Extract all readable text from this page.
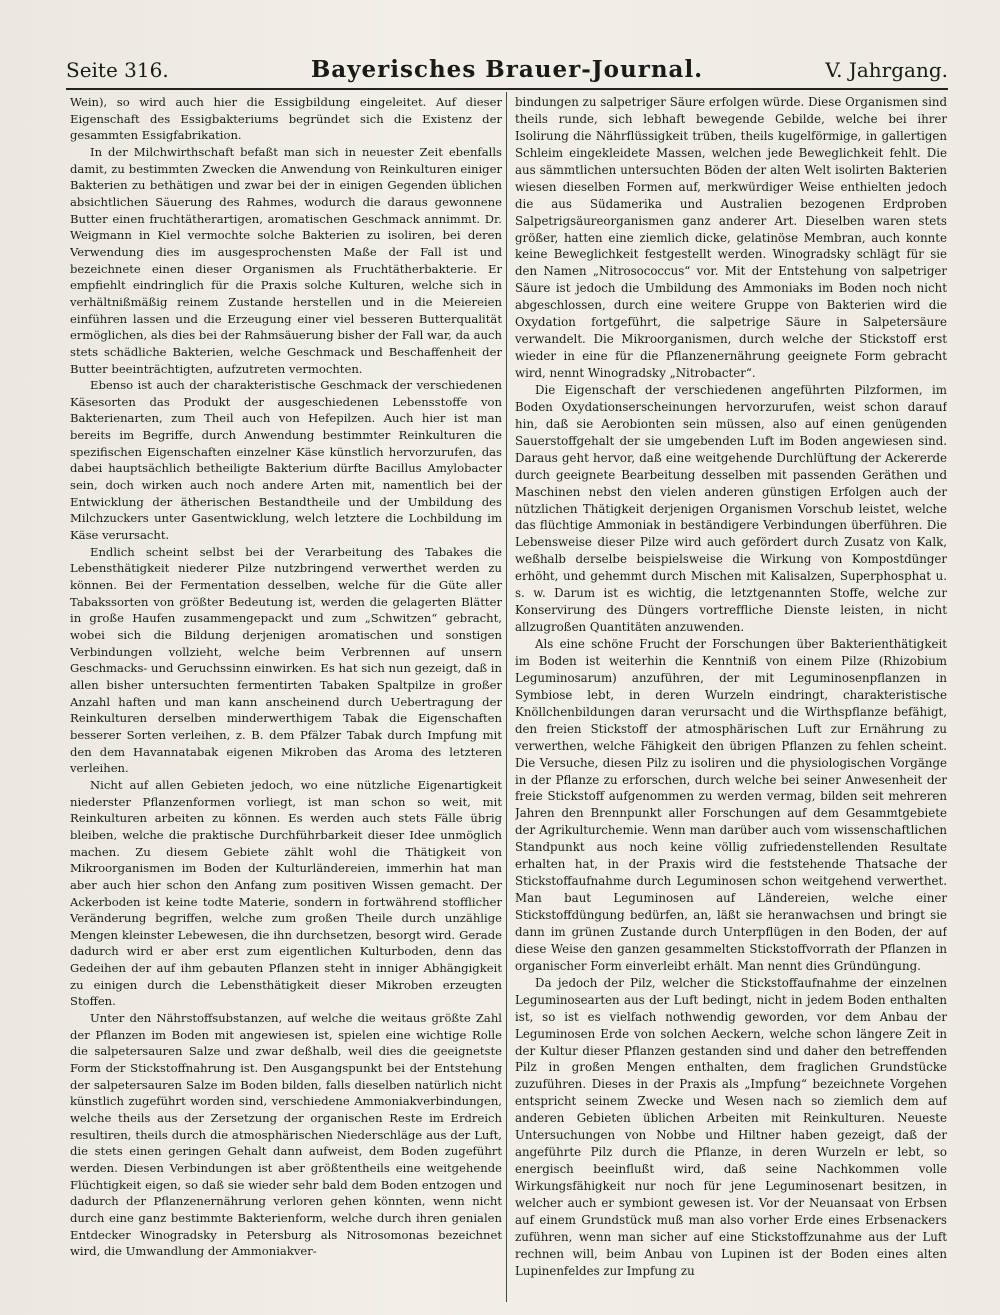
Seite 316.	Bayerisches Brauer-Journal.	V. Jahrgang.

Wein), so wird auch hier die Essigbildung eingeleitet. Auf dieser Eigenschaft des Essigbakteriums begründet sich die Existenz der gesammten Essigfabrikation.

In der Milchwirthschaft befaßt man sich in neuester Zeit ebenfalls damit, zu bestimmten Zwecken die Anwendung von Reinkulturen einiger Bakterien zu bethätigen und zwar bei der in einigen Gegenden üblichen absichtlichen Säuerung des Rahmes, wodurch die daraus gewonnene Butter einen fruchtätherartigen, aromatischen Geschmack annimmt. Dr. Weigmann in Kiel vermochte solche Bakterien zu isoliren, bei deren Verwendung dies im ausgesprochensten Maße der Fall ist und bezeichnete einen dieser Organismen als Fruchtätherbakterie. Er empfiehlt eindringlich für die Praxis solche Kulturen, welche sich in verhältnißmäßig reinem Zustande herstellen und in die Meiereien einführen lassen und die Erzeugung einer viel besseren Butterqualität ermöglichen, als dies bei der Rahmsäuerung bisher der Fall war, da auch stets schädliche Bakterien, welche Geschmack und Beschaffenheit der Butter beeinträchtigten, aufzutreten vermochten.

Ebenso ist auch der charakteristische Geschmack der verschiedenen Käsesorten das Produkt der ausgeschiedenen Lebensstoffe von Bakterienarten, zum Theil auch von Hefepilzen. Auch hier ist man bereits im Begriffe, durch Anwendung bestimmter Reinkulturen die spezifischen Eigenschaften einzelner Käse künstlich hervorzurufen, das dabei hauptsächlich betheiligte Bakterium dürfte Bacillus Amylobacter sein, doch wirken auch noch andere Arten mit, namentlich bei der Entwicklung der ätherischen Bestandtheile und der Umbildung des Milchzuckers unter Gasentwicklung, welch letztere die Lochbildung im Käse verursacht.

Endlich scheint selbst bei der Verarbeitung des Tabakes die Lebensthätigkeit niederer Pilze nutzbringend verwerthet werden zu können. Bei der Fermentation desselben, welche für die Güte aller Tabakssorten von größter Bedeutung ist, werden die gelagerten Blätter in große Haufen zusammengepackt und zum „Schwitzen“ gebracht, wobei sich die Bildung derjenigen aromatischen und sonstigen Verbindungen vollzieht, welche beim Verbrennen auf unsern Geschmacks- und Geruchssinn einwirken. Es hat sich nun gezeigt, daß in allen bisher untersuchten fermentirten Tabaken Spaltpilze in großer Anzahl haften und man kann anscheinend durch Uebertragung der Reinkulturen derselben minderwerthigem Tabak die Eigenschaften besserer Sorten verleihen, z. B. dem Pfälzer Tabak durch Impfung mit den dem Havannatabak eigenen Mikroben das Aroma des letzteren verleihen.

Nicht auf allen Gebieten jedoch, wo eine nützliche Eigenartigkeit niederster Pflanzenformen vorliegt, ist man schon so weit, mit Reinkulturen arbeiten zu können. Es werden auch stets Fälle übrig bleiben, welche die praktische Durchführbarkeit dieser Idee unmöglich machen. Zu diesem Gebiete zählt wohl die Thätigkeit von Mikroorganismen im Boden der Kulturländereien, immerhin hat man aber auch hier schon den Anfang zum positiven Wissen gemacht. Der Ackerboden ist keine todte Materie, sondern in fortwährend stofflicher Veränderung begriffen, welche zum großen Theile durch unzählige Mengen kleinster Lebewesen, die ihn durchsetzen, besorgt wird. Gerade dadurch wird er aber erst zum eigentlichen Kulturboden, denn das Gedeihen der auf ihm gebauten Pflanzen steht in inniger Abhängigkeit zu einigen durch die Lebensthätigkeit dieser Mikroben erzeugten Stoffen.

Unter den Nährstoffsubstanzen, auf welche die weitaus größte Zahl der Pflanzen im Boden mit angewiesen ist, spielen eine wichtige Rolle die salpetersauren Salze und zwar deßhalb, weil dies die geeignetste Form der Stickstoffnahrung ist. Den Ausgangspunkt bei der Entstehung der salpetersauren Salze im Boden bilden, falls dieselben natürlich nicht künstlich zugeführt worden sind, verschiedene Ammoniakverbindungen, welche theils aus der Zersetzung der organischen Reste im Erdreich resultiren, theils durch die atmosphärischen Niederschläge aus der Luft, die stets einen geringen Gehalt dann aufweist, dem Boden zugeführt werden. Diesen Verbindungen ist aber größtentheils eine weitgehende Flüchtigkeit eigen, so daß sie wieder sehr bald dem Boden entzogen und dadurch der Pflanzenernährung verloren gehen könnten, wenn nicht durch eine ganz bestimmte Bakterienform, welche durch ihren genialen Entdecker Winogradsky in Petersburg als Nitrosomonas bezeichnet wird, die Umwandlung der Ammoniakver-

bindungen zu salpetriger Säure erfolgen würde. Diese Organismen sind theils runde, sich lebhaft bewegende Gebilde, welche bei ihrer Isolirung die Nährflüssigkeit trüben, theils kugelförmige, in gallertigen Schleim eingekleidete Massen, welchen jede Beweglichkeit fehlt. Die aus sämmtlichen untersuchten Böden der alten Welt isolirten Bakterien wiesen dieselben Formen auf, merkwürdiger Weise enthielten jedoch die aus Südamerika und Australien bezogenen Erdproben Salpetrigsäureorganismen ganz anderer Art. Dieselben waren stets größer, hatten eine ziemlich dicke, gelatinöse Membran, auch konnte keine Beweglichkeit festgestellt werden. Winogradsky schlägt für sie den Namen „Nitrosococcus“ vor. Mit der Entstehung von salpetriger Säure ist jedoch die Umbildung des Ammoniaks im Boden noch nicht abgeschlossen, durch eine weitere Gruppe von Bakterien wird die Oxydation fortgeführt, die salpetrige Säure in Salpetersäure verwandelt. Die Mikroorganismen, durch welche der Stickstoff erst wieder in eine für die Pflanzenernährung geeignete Form gebracht wird, nennt Winogradsky „Nitrobacter“.

Die Eigenschaft der verschiedenen angeführten Pilzformen, im Boden Oxydationserscheinungen hervorzurufen, weist schon darauf hin, daß sie Aerobionten sein müssen, also auf einen genügenden Sauerstoffgehalt der sie umgebenden Luft im Boden angewiesen sind. Daraus geht hervor, daß eine weitgehende Durchlüftung der Ackererde durch geeignete Bearbeitung desselben mit passenden Geräthen und Maschinen nebst den vielen anderen günstigen Erfolgen auch der nützlichen Thätigkeit derjenigen Organismen Vorschub leistet, welche das flüchtige Ammoniak in beständigere Verbindungen überführen. Die Lebensweise dieser Pilze wird auch gefördert durch Zusatz von Kalk, weßhalb derselbe beispielsweise die Wirkung von Kompostdünger erhöht, und gehemmt durch Mischen mit Kalisalzen, Superphosphat u. s. w. Darum ist es wichtig, die letztgenannten Stoffe, welche zur Konservirung des Düngers vortreffliche Dienste leisten, in nicht allzugroßen Quantitäten anzuwenden.

Als eine schöne Frucht der Forschungen über Bakterienthätigkeit im Boden ist weiterhin die Kenntniß von einem Pilze (Rhizobium Leguminosarum) anzuführen, der mit Leguminosenpflanzen in Symbiose lebt, in deren Wurzeln eindringt, charakteristische Knöllchenbildungen daran verursacht und die Wirthspflanze befähigt, den freien Stickstoff der atmosphärischen Luft zur Ernährung zu verwerthen, welche Fähigkeit den übrigen Pflanzen zu fehlen scheint. Die Versuche, diesen Pilz zu isoliren und die physiologischen Vorgänge in der Pflanze zu erforschen, durch welche bei seiner Anwesenheit der freie Stickstoff aufgenommen zu werden vermag, bilden seit mehreren Jahren den Brennpunkt aller Forschungen auf dem Gesammtgebiete der Agrikulturchemie. Wenn man darüber auch vom wissenschaftlichen Standpunkt aus noch keine völlig zufriedenstellenden Resultate erhalten hat, in der Praxis wird die feststehende Thatsache der Stickstoffaufnahme durch Leguminosen schon weitgehend verwerthet. Man baut Leguminosen auf Ländereien, welche einer Stickstoffdüngung bedürfen, an, läßt sie heranwachsen und bringt sie dann im grünen Zustande durch Unterpflügen in den Boden, der auf diese Weise den ganzen gesammelten Stickstoffvorrath der Pflanzen in organischer Form einverleibt erhält. Man nennt dies Gründüngung.

Da jedoch der Pilz, welcher die Stickstoffaufnahme der einzelnen Leguminosearten aus der Luft bedingt, nicht in jedem Boden enthalten ist, so ist es vielfach nothwendig geworden, vor dem Anbau der Leguminosen Erde von solchen Aeckern, welche schon längere Zeit in der Kultur dieser Pflanzen gestanden sind und daher den betreffenden Pilz in großen Mengen enthalten, dem fraglichen Grundstücke zuzuführen. Dieses in der Praxis als „Impfung“ bezeichnete Vorgehen entspricht seinem Zwecke und Wesen nach so ziemlich dem auf anderen Gebieten üblichen Arbeiten mit Reinkulturen. Neueste Untersuchungen von Nobbe und Hiltner haben gezeigt, daß der angeführte Pilz durch die Pflanze, in deren Wurzeln er lebt, so energisch beeinflußt wird, daß seine Nachkommen volle Wirkungsfähigkeit nur noch für jene Leguminosenart besitzen, in welcher auch er symbiont gewesen ist. Vor der Neuansaat von Erbsen auf einem Grundstück muß man also vorher Erde eines Erbsenackers zuführen, wenn man sicher auf eine Stickstoffzunahme aus der Luft rechnen will, beim Anbau von Lupinen ist der Boden eines alten Lupinenfeldes zur Impfung zu
